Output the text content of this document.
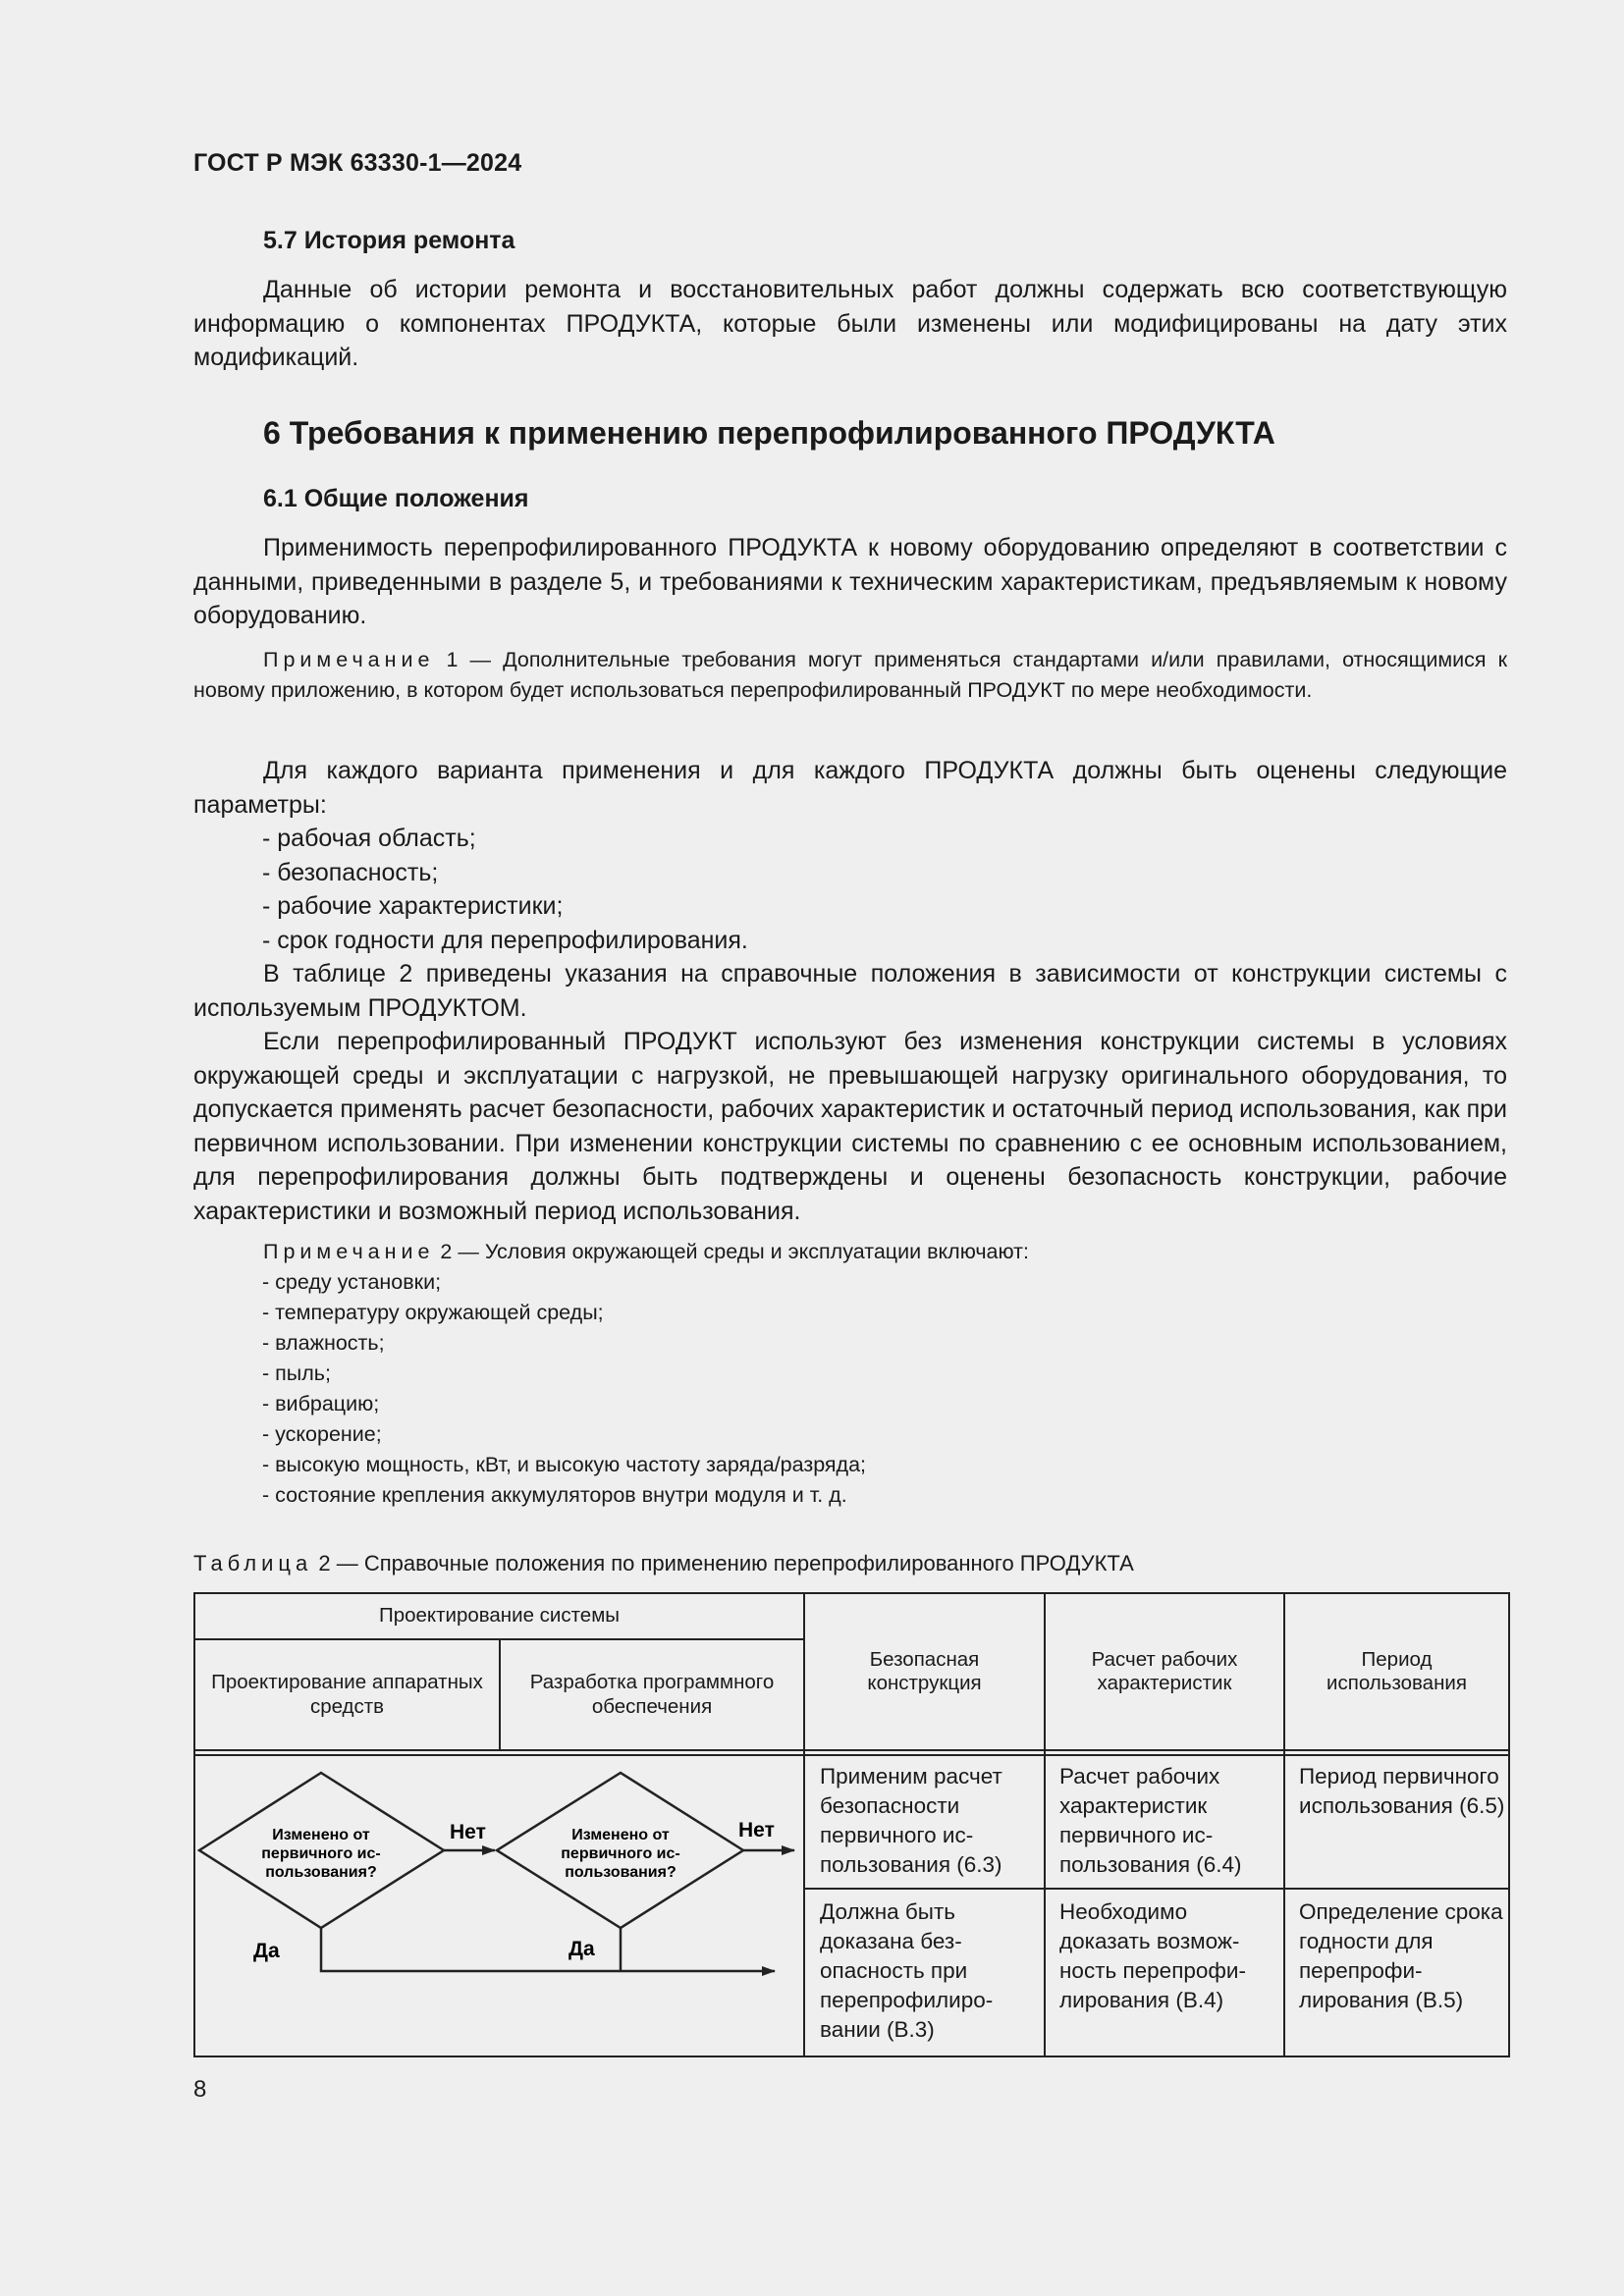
ГОСТ Р МЭК 63330-1—2024
5.7 История ремонта
Данные об истории ремонта и восстановительных работ должны содержать всю соответствующую информацию о компонентах ПРОДУКТА, которые были изменены или модифицированы на дату этих модификаций.
6 Требования к применению перепрофилированного ПРОДУКТА
6.1 Общие положения
Применимость перепрофилированного ПРОДУКТА к новому оборудованию определяют в соответствии с данными, приведенными в разделе 5, и требованиями к техническим характеристикам, предъявляемым к новому оборудованию.
Примечание 1 — Дополнительные требования могут применяться стандартами и/или правилами, относящимися к новому приложению, в котором будет использоваться перепрофилированный ПРОДУКТ по мере необходимости.
Для каждого варианта применения и для каждого ПРОДУКТА должны быть оценены следующие параметры:
- рабочая область;
- безопасность;
- рабочие характеристики;
- срок годности для перепрофилирования.
В таблице 2 приведены указания на справочные положения в зависимости от конструкции системы с используемым ПРОДУКТОМ.
Если перепрофилированный ПРОДУКТ используют без изменения конструкции системы в условиях окружающей среды и эксплуатации с нагрузкой, не превышающей нагрузку оригинального оборудования, то допускается применять расчет безопасности, рабочих характеристик и остаточный период использования, как при первичном использовании. При изменении конструкции системы по сравнению с ее основным использованием, для перепрофилирования должны быть подтверждены и оценены безопасность конструкции, рабочие характеристики и возможный период использования.
Примечание 2 — Условия окружающей среды и эксплуатации включают:
- среду установки;
- температуру окружающей среды;
- влажность;
- пыль;
- вибрацию;
- ускорение;
- высокую мощность, кВт, и высокую частоту заряда/разряда;
- состояние крепления аккумуляторов внутри модуля и т. д.
Таблица 2 — Справочные положения по применению перепрофилированного ПРОДУКТА
Проектирование системы
Проектирование аппаратных средств
Разработка программного обеспечения
Безопасная конструкция
Расчет рабочих характеристик
Период использования
Применим расчет безопасности первичного использования (6.3)
Расчет рабочих характеристик первичного использования (6.4)
Период первичного использования (6.5)
Должна быть доказана безопасность при перепрофилировании (B.3)
Необходимо доказать возможность перепрофилирования (B.4)
Определение срока годности для перепрофилирования (B.5)
Изменено от
первичного ис-
пользования?
Изменено от
первичного ис-
пользования?
Нет	Нет
Да	Да
8
